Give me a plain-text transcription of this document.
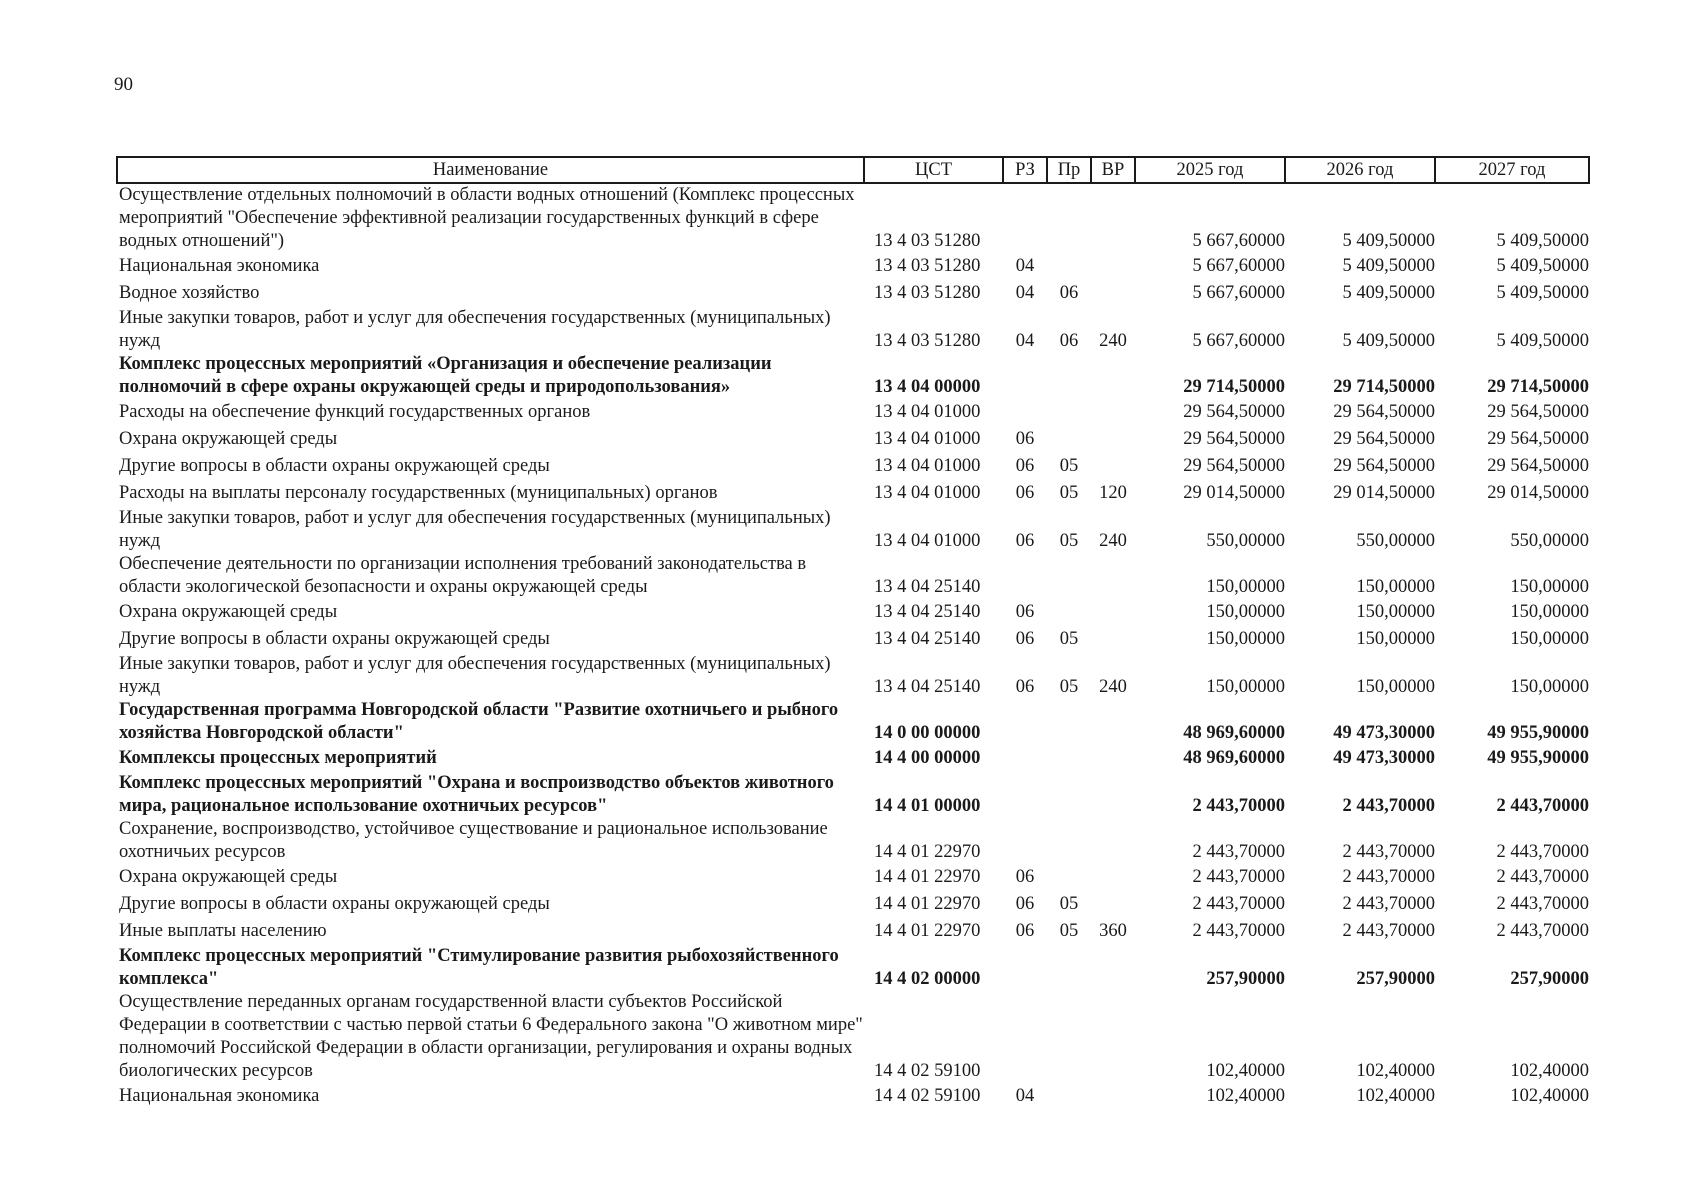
90
Наименование	ЦСТ	РЗ	Пр	ВР	2025 год	2026 год	2027 год
Осуществление отдельных полномочий в области водных отношений (Комплекс процессных мероприятий "Обеспечение эффективной реализации государственных функций в сфере водных отношений")	13 4 03 51280				5 667,60000	5 409,50000	5 409,50000
Национальная экономика	13 4 03 51280	04			5 667,60000	5 409,50000	5 409,50000
Водное хозяйство	13 4 03 51280	04	06		5 667,60000	5 409,50000	5 409,50000
Иные закупки товаров, работ и услуг для обеспечения государственных (муниципальных) нужд	13 4 03 51280	04	06	240	5 667,60000	5 409,50000	5 409,50000
Комплекс процессных мероприятий «Организация и обеспечение реализации полномочий в сфере охраны окружающей среды и природопользования»	13 4 04 00000				29 714,50000	29 714,50000	29 714,50000
Расходы на обеспечение функций государственных органов	13 4 04 01000				29 564,50000	29 564,50000	29 564,50000
Охрана окружающей среды	13 4 04 01000	06			29 564,50000	29 564,50000	29 564,50000
Другие вопросы в области охраны окружающей среды	13 4 04 01000	06	05		29 564,50000	29 564,50000	29 564,50000
Расходы на выплаты персоналу государственных (муниципальных) органов	13 4 04 01000	06	05	120	29 014,50000	29 014,50000	29 014,50000
Иные закупки товаров, работ и услуг для обеспечения государственных (муниципальных) нужд	13 4 04 01000	06	05	240	550,00000	550,00000	550,00000
Обеспечение деятельности по организации исполнения требований законодательства в области экологической безопасности и охраны окружающей среды	13 4 04 25140				150,00000	150,00000	150,00000
Охрана окружающей среды	13 4 04 25140	06			150,00000	150,00000	150,00000
Другие вопросы в области охраны окружающей среды	13 4 04 25140	06	05		150,00000	150,00000	150,00000
Иные закупки товаров, работ и услуг для обеспечения государственных (муниципальных) нужд	13 4 04 25140	06	05	240	150,00000	150,00000	150,00000
Государственная программа Новгородской области "Развитие охотничьего и рыбного хозяйства Новгородской области"	14 0 00 00000				48 969,60000	49 473,30000	49 955,90000
Комплексы процессных мероприятий	14 4 00 00000				48 969,60000	49 473,30000	49 955,90000
Комплекс процессных мероприятий "Охрана и воспроизводство объектов животного мира, рациональное использование охотничьих ресурсов"	14 4 01 00000				2 443,70000	2 443,70000	2 443,70000
Сохранение, воспроизводство, устойчивое существование и рациональное использование охотничьих ресурсов	14 4 01 22970				2 443,70000	2 443,70000	2 443,70000
Охрана окружающей среды	14 4 01 22970	06			2 443,70000	2 443,70000	2 443,70000
Другие вопросы в области охраны окружающей среды	14 4 01 22970	06	05		2 443,70000	2 443,70000	2 443,70000
Иные выплаты населению	14 4 01 22970	06	05	360	2 443,70000	2 443,70000	2 443,70000
Комплекс процессных мероприятий "Стимулирование развития рыбохозяйственного комплекса"	14 4 02 00000				257,90000	257,90000	257,90000
Осуществление переданных органам государственной власти субъектов Российской Федерации в соответствии с частью первой статьи 6 Федерального закона "О животном мире" полномочий Российской Федерации в области организации, регулирования и охраны водных биологических ресурсов	14 4 02 59100				102,40000	102,40000	102,40000
Национальная экономика	14 4 02 59100	04			102,40000	102,40000	102,40000
